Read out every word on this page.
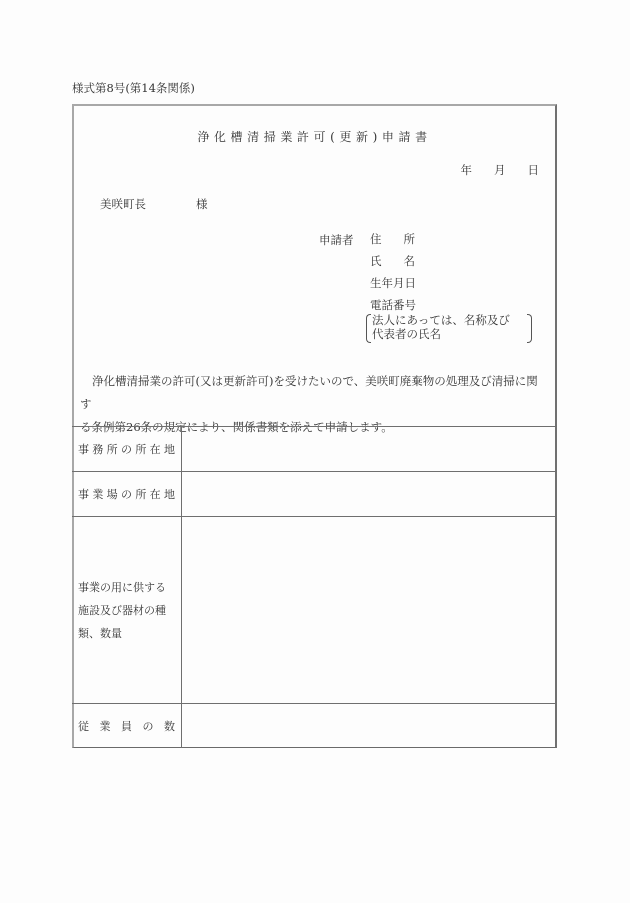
様式第8号(第14条関係)
浄化槽清掃業許可(更新)申請書
年 月 日
美咲町長	様
申請者 住 所
氏 名
生年月日
電話番号
法人にあっては、名称及び
代表者の氏名
浄化槽清掃業の許可(又は更新許可)を受けたいので、美咲町廃棄物の処理及び清掃に関す
る条例第26条の規定により、関係書類を添えて申請します。
事 務 所 の 所 在 地

事 業 場 の 所 在 地

事業の用に供する
施設及び器材の種
類、数量	

従 業 員 の 数	
